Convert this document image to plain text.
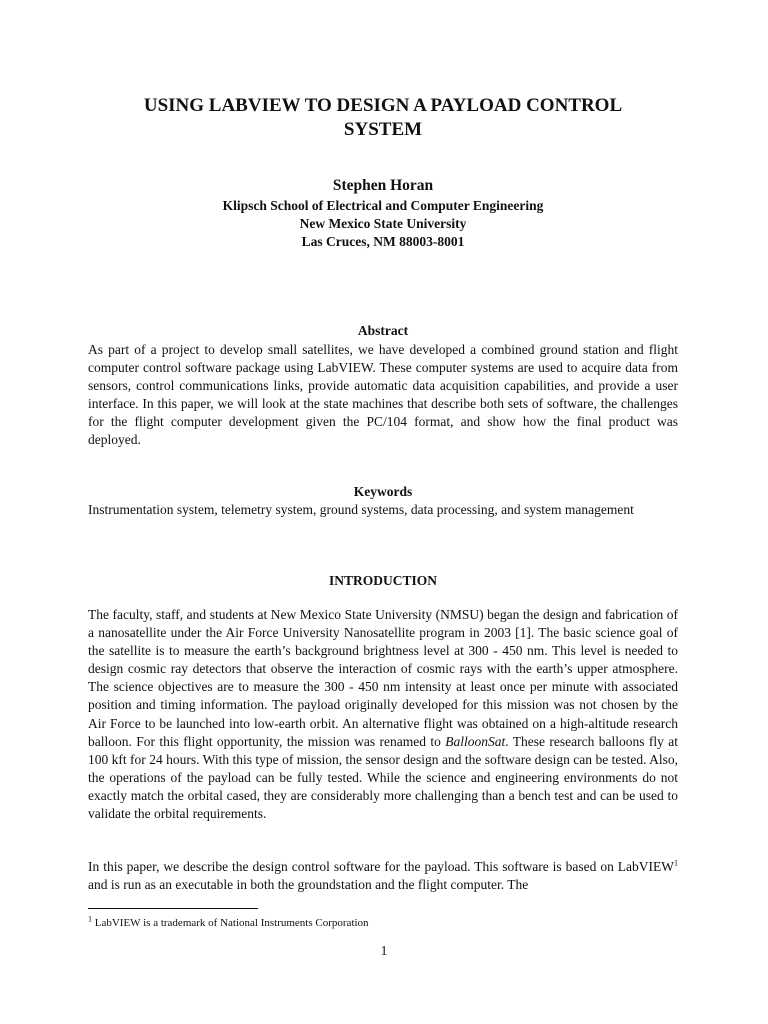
USING LABVIEW TO DESIGN A PAYLOAD CONTROL
SYSTEM
Stephen Horan
Klipsch School of Electrical and Computer Engineering
New Mexico State University
Las Cruces, NM 88003-8001
Abstract

As part of a project to develop small satellites, we have developed a combined ground station and flight computer control software package using LabVIEW. These computer systems are used to acquire data from sensors, control communications links, provide automatic data acquisition capabilities, and provide a user interface. In this paper, we will look at the state machines that describe both sets of software, the challenges for the flight computer development given the PC/104 format, and show how the final product was deployed.

Keywords

Instrumentation system, telemetry system, ground systems, data processing, and system management

INTRODUCTION

The faculty, staff, and students at New Mexico State University (NMSU) began the design and fabrication of a nanosatellite under the Air Force University Nanosatellite program in 2003 [1]. The basic science goal of the satellite is to measure the earth’s background brightness level at 300 - 450 nm. This level is needed to design cosmic ray detectors that observe the interaction of cosmic rays with the earth’s upper atmosphere. The science objectives are to measure the 300 - 450 nm intensity at least once per minute with associated position and timing information. The payload originally developed for this mission was not chosen by the Air Force to be launched into low-earth orbit. An alternative flight was obtained on a high-altitude research balloon. For this flight opportunity, the mission was renamed to BalloonSat. These research balloons fly at 100 kft for 24 hours. With this type of mission, the sensor design and the software design can be tested. Also, the operations of the payload can be fully tested. While the science and engineering environments do not exactly match the orbital cased, they are considerably more challenging than a bench test and can be used to validate the orbital requirements.

In this paper, we describe the design control software for the payload. This software is based on LabVIEW$^1$ and is run as an executable in both the groundstation and the flight computer. The

$^1$ LabVIEW is a trademark of National Instruments Corporation

1
